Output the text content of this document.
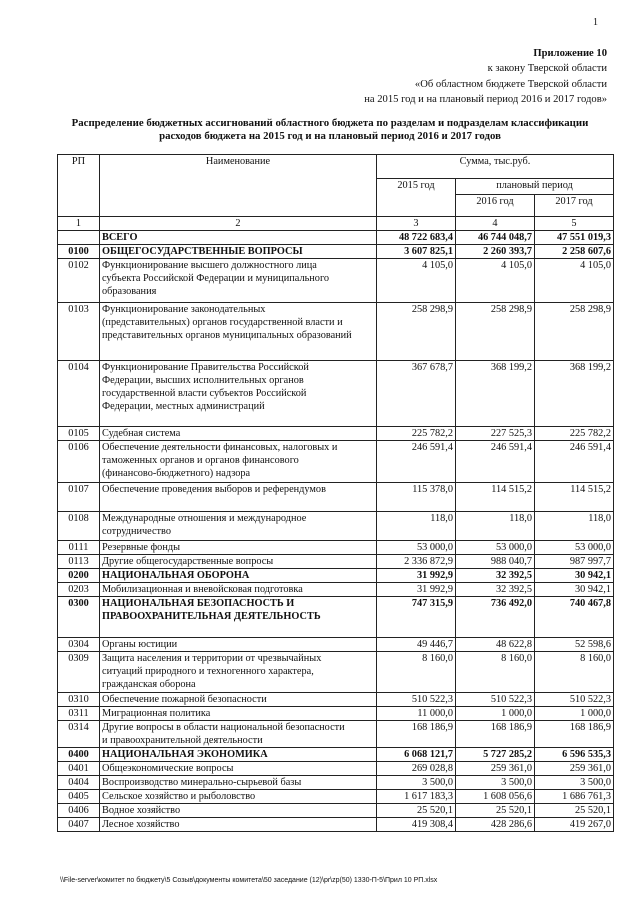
1
Приложение 10
к закону Тверской области
«Об областном бюджете Тверской области
на 2015 год и на плановый период 2016 и 2017 годов»
Распределение бюджетных ассигнований областного бюджета по разделам и подразделам классификации
расходов бюджета на 2015 год и на плановый период 2016 и 2017 годов
РП	Наименование	Сумма, тыс.руб.		
		2015 год	плановый период	
			2016 год	2017 год
1	2	3	4	5

	ВСЕГО	48 722 683,4	46 744 048,7	47 551 019,3
0100	ОБЩЕГОСУДАРСТВЕННЫЕ ВОПРОСЫ	3 607 825,1	2 260 393,7	2 258 607,6
0102	Функционирование высшего должностного лица
субъекта Российской Федерации и муниципального
образования	4 105,0	4 105,0	4 105,0
0103	Функционирование законодательных
(представительных) органов государственной власти и
представительных органов муниципальных образований	258 298,9	258 298,9	258 298,9
0104	Функционирование Правительства Российской
Федерации, высших исполнительных органов
государственной власти субъектов Российской
Федерации, местных администраций	367 678,7	368 199,2	368 199,2
0105	Судебная система	225 782,2	227 525,3	225 782,2
0106	Обеспечение деятельности финансовых, налоговых и
таможенных органов и органов финансового
(финансово-бюджетного) надзора	246 591,4	246 591,4	246 591,4
0107	Обеспечение проведения выборов и референдумов	115 378,0	114 515,2	114 515,2
0108	Международные отношения и международное
сотрудничество	118,0	118,0	118,0
0111	Резервные фонды	53 000,0	53 000,0	53 000,0
0113	Другие общегосударственные вопросы	2 336 872,9	988 040,7	987 997,7
0200	НАЦИОНАЛЬНАЯ ОБОРОНА	31 992,9	32 392,5	30 942,1
0203	Мобилизационная и вневойсковая подготовка	31 992,9	32 392,5	30 942,1
0300	НАЦИОНАЛЬНАЯ БЕЗОПАСНОСТЬ И
ПРАВООХРАНИТЕЛЬНАЯ ДЕЯТЕЛЬНОСТЬ	747 315,9	736 492,0	740 467,8
0304	Органы юстиции	49 446,7	48 622,8	52 598,6
0309	Защита населения и территории от чрезвычайных
ситуаций природного и техногенного характера,
гражданская оборона	8 160,0	8 160,0	8 160,0
0310	Обеспечение пожарной безопасности	510 522,3	510 522,3	510 522,3
0311	Миграционная политика	11 000,0	1 000,0	1 000,0
0314	Другие вопросы в области национальной безопасности
и правоохранительной деятельности	168 186,9	168 186,9	168 186,9
0400	НАЦИОНАЛЬНАЯ ЭКОНОМИКА	6 068 121,7	5 727 285,2	6 596 535,3
0401	Общеэкономические вопросы	269 028,8	259 361,0	259 361,0
0404	Воспроизводство минерально-сырьевой базы	3 500,0	3 500,0	3 500,0
0405	Сельское хозяйство и рыболовство	1 617 183,3	1 608 056,6	1 686 761,3
0406	Водное хозяйство	25 520,1	25 520,1	25 520,1
0407	Лесное хозяйство	419 308,4	428 286,6	419 267,0
\\File-server\комитет по бюджету\5 Созыв\документы комитета\50 заседание (12)\pr\zp(50) 1330-П-5\Прил 10 РП.xlsx
